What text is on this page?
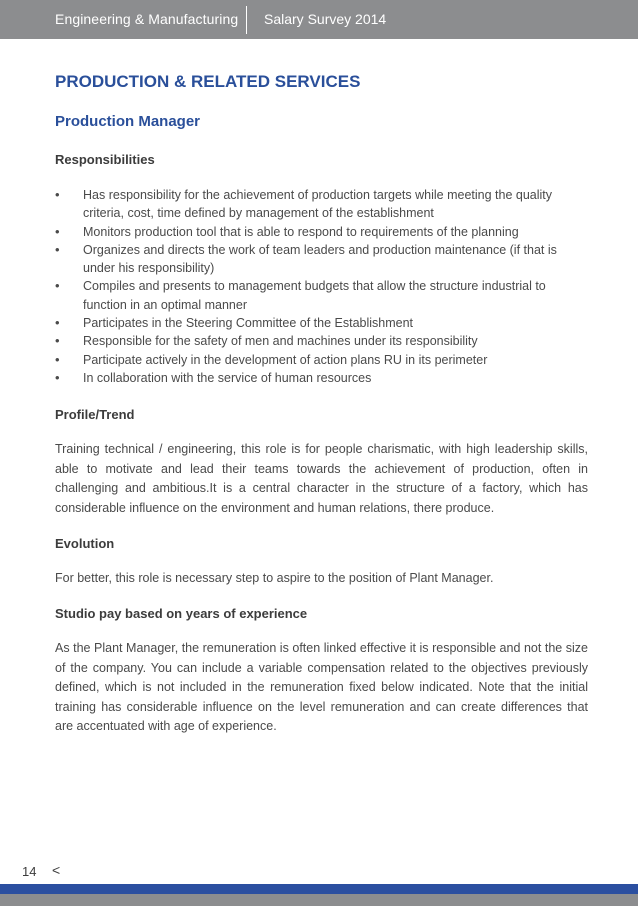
Engineering & Manufacturing Salary Survey 2014
PRODUCTION & RELATED SERVICES
Production Manager
Responsibilities
• Has responsibility for the achievement of production targets while meeting the quality criteria, cost, time defined by management of the establishment
• Monitors production tool that is able to respond to requirements of the planning
• Organizes and directs the work of team leaders and production maintenance (if that is under his responsibility)
• Compiles and presents to management budgets that allow the structure industrial to function in an optimal manner
• Participates in the Steering Committee of the Establishment
• Responsible for the safety of men and machines under its responsibility
• Participate actively in the development of action plans RU in its perimeter
• In collaboration with the service of human resources
Profile/Trend

Training technical / engineering, this role is for people charismatic, with high leadership skills, able to motivate and lead their teams towards the achievement of production, often in challenging and ambitious.It is a central character in the structure of a factory, which has considerable influence on the environment and human relations, there produce.

Evolution

For better, this role is necessary step to aspire to the position of Plant Manager.

Studio pay based on years of experience

As the Plant Manager, the remuneration is often linked effective it is responsible and not the size of the company. You can include a variable compensation related to the objectives previously defined, which is not included in the remuneration fixed below indicated. Note that the initial training has considerable influence on the level remuneration and can create differences that are accentuated with age of experience.

14 <
